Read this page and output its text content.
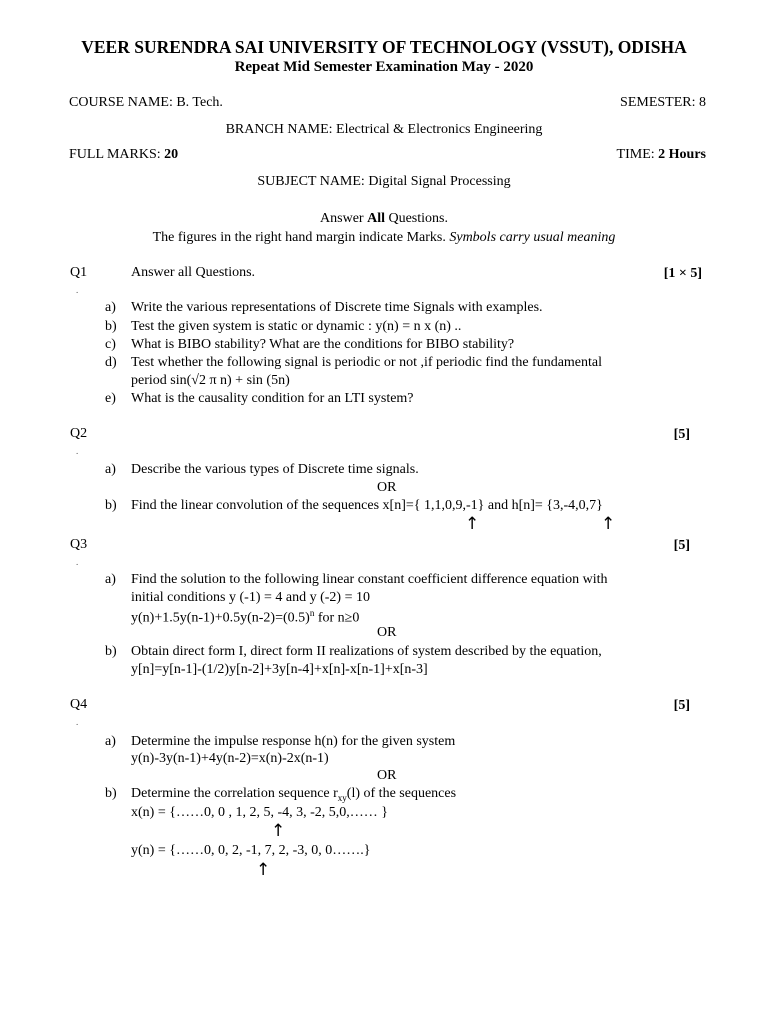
VEER SURENDRA SAI UNIVERSITY OF TECHNOLOGY (VSSUT), ODISHA
Repeat Mid Semester Examination May - 2020
COURSE NAME: B. Tech.	SEMESTER: 8
BRANCH NAME: Electrical & Electronics Engineering
FULL MARKS: 20	TIME: 2 Hours
SUBJECT NAME: Digital Signal Processing
Answer All Questions.
The figures in the right hand margin indicate Marks. Symbols carry usual meaning
Q1
.
Answer all Questions.	[1 × 5]
a) Write the various representations of Discrete time Signals with examples.
b) Test the given system is static or dynamic : y(n) = n x (n) ..
c) What is BIBO stability? What are the conditions for BIBO stability?
d) Test whether the following signal is periodic or not ,if periodic find the fundamental
period sin(√2 π n) + sin (5n)
e) What is the causality condition for an LTI system?
Q2
.
[5]
a) Describe the various types of Discrete time signals.
OR
b) Find the linear convolution of the sequences x[n]={ 1,1,0,9,-1} and h[n]= {3,-4,0,7}
↑	↑
Q3
.
[5]
a) Find the solution to the following linear constant coefficient difference equation with
initial conditions y (-1) = 4 and y (-2) = 10
$y(n)+1.5y(n-1)+0.5y(n-2)=(0.5)^n$ for n≥0
OR
b) Obtain direct form I, direct form II realizations of system described by the equation,
y[n]=y[n-1]-(1/2)y[n-2]+3y[n-4]+x[n]-x[n-1]+x[n-3]
Q4
.
[5]
a) Determine the impulse response h(n) for the given system
y(n)-3y(n-1)+4y(n-2)=x(n)-2x(n-1)
OR
b) Determine the correlation sequence $r_{xy}(l)$ of the sequences
x(n) = {……0, 0 , 1, 2, 5, -4, 3, -2, 5,0,…… }
↑
y(n) = {……0, 0, 2, -1, 7, 2, -3, 0, 0…….}
↑
